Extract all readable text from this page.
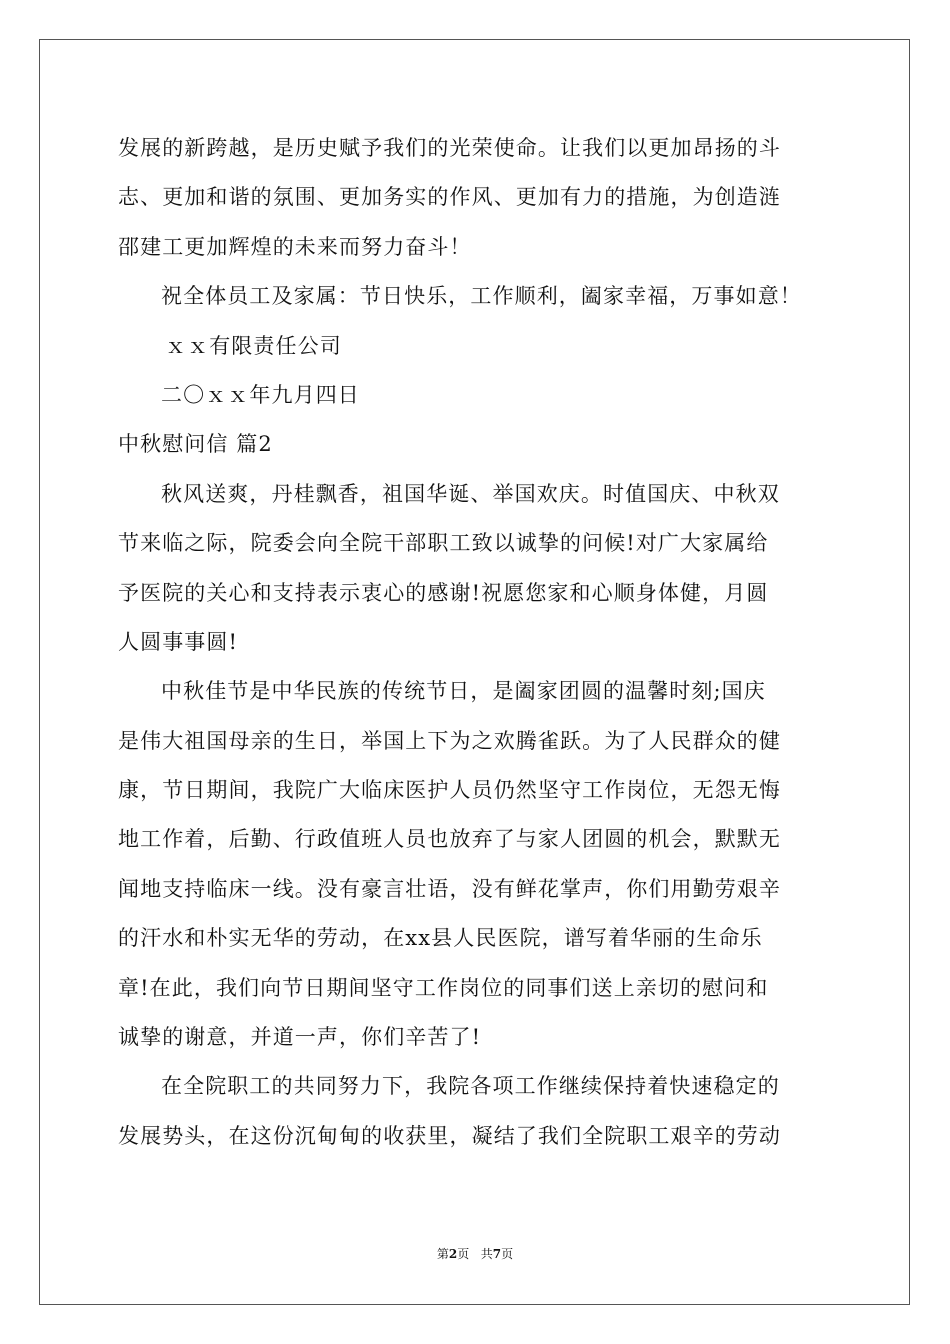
发展的新跨越，是历史赋予我们的光荣使命。让我们以更加昂扬的斗
志、更加和谐的氛围、更加务实的作风、更加有力的措施，为创造涟
邵建工更加辉煌的未来而努力奋斗！
祝全体员工及家属：节日快乐，工作顺利，阖家幸福，万事如意！
ｘｘ有限责任公司
二〇ｘｘ年九月四日
中秋慰问信 篇2
秋风送爽，丹桂飘香，祖国华诞、举国欢庆。时值国庆、中秋双
节来临之际，院委会向全院干部职工致以诚挚的问候!对广大家属给
予医院的关心和支持表示衷心的感谢!祝愿您家和心顺身体健，月圆
人圆事事圆!
中秋佳节是中华民族的传统节日，是阖家团圆的温馨时刻;国庆
是伟大祖国母亲的生日，举国上下为之欢腾雀跃。为了人民群众的健
康，节日期间，我院广大临床医护人员仍然坚守工作岗位，无怨无悔
地工作着，后勤、行政值班人员也放弃了与家人团圆的机会，默默无
闻地支持临床一线。没有豪言壮语，没有鲜花掌声，你们用勤劳艰辛
的汗水和朴实无华的劳动，在xx县人民医院，谱写着华丽的生命乐
章!在此，我们向节日期间坚守工作岗位的同事们送上亲切的慰问和
诚挚的谢意，并道一声，你们辛苦了!
在全院职工的共同努力下，我院各项工作继续保持着快速稳定的
发展势头，在这份沉甸甸的收获里，凝结了我们全院职工艰辛的劳动
第2页 共7页
